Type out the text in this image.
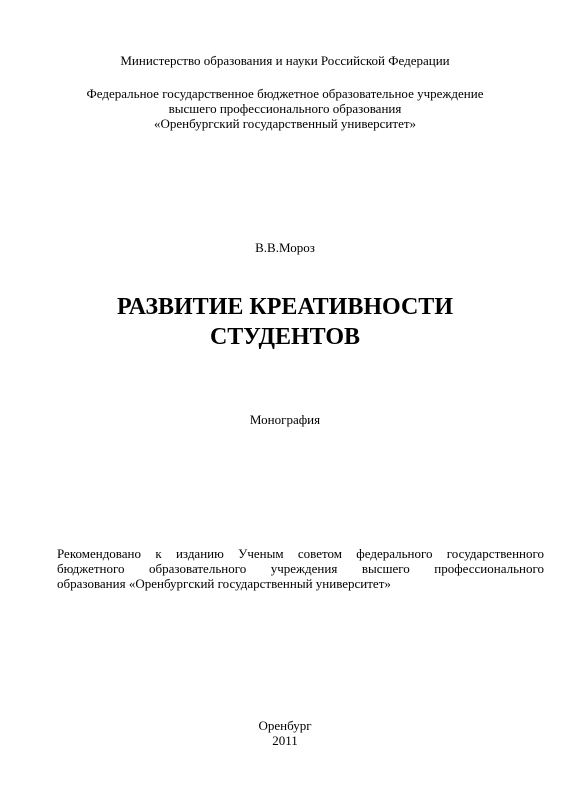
Министерство образования и науки Российской Федерации
Федеральное государственное бюджетное образовательное учреждение
высшего профессионального образования
«Оренбургский государственный университет»
В.В.Мороз
РАЗВИТИЕ КРЕАТИВНОСТИ
СТУДЕНТОВ
Монография
Рекомендовано к изданию Ученым советом федерального государственного
бюджетного образовательного учреждения высшего профессионального
образования «Оренбургский государственный университет»
Оренбург
2011
